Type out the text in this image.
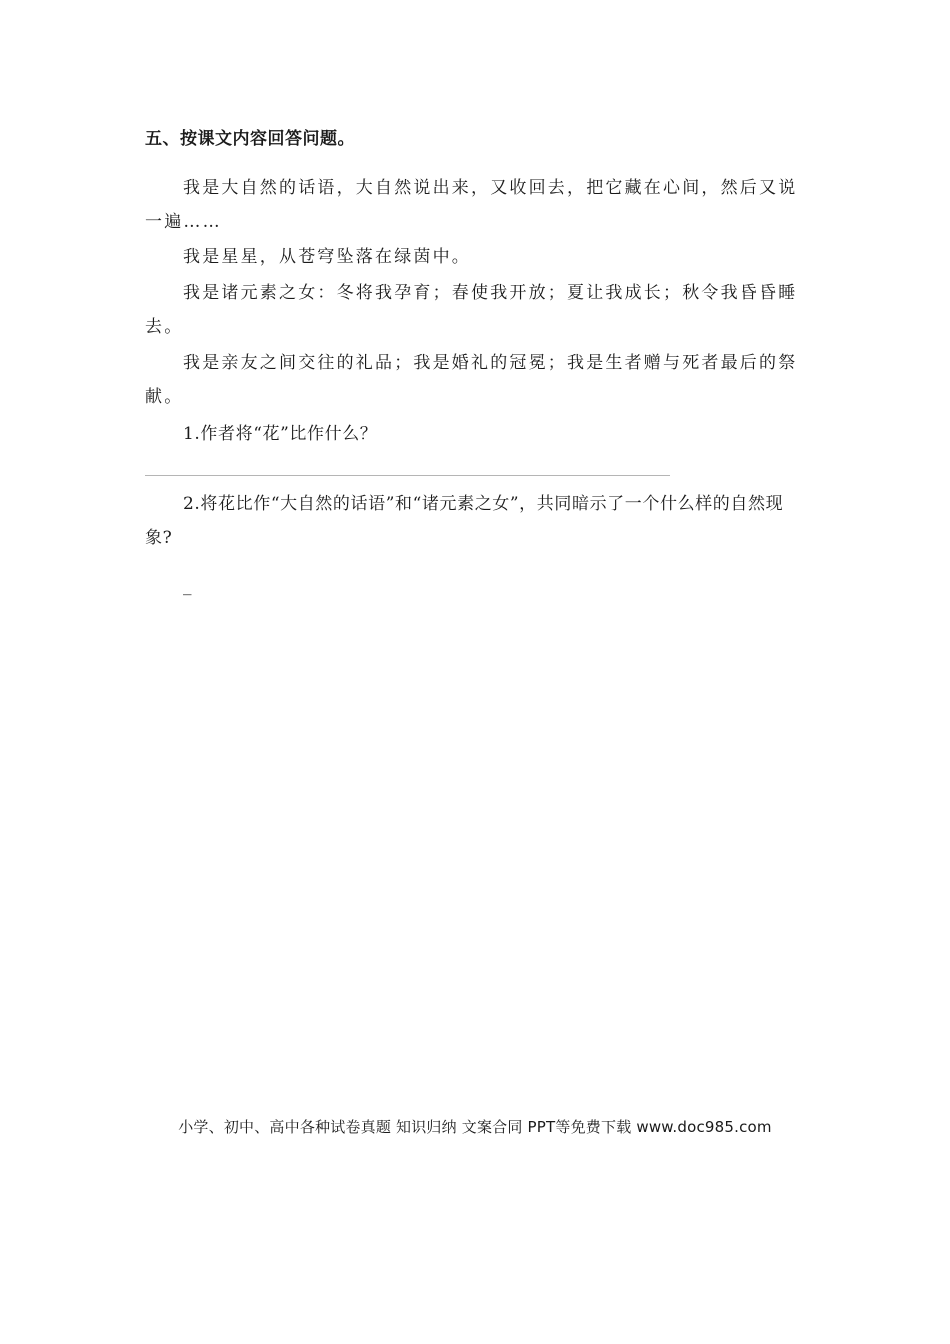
五、按课文内容回答问题。

我是大自然的话语，大自然说出来，又收回去，把它藏在心间，然后又说一遍……

我是星星，从苍穹坠落在绿茵中。

我是诸元素之女：冬将我孕育；春使我开放；夏让我成长；秋令我昏昏睡去。

我是亲友之间交往的礼品；我是婚礼的冠冕；我是生者赠与死者最后的祭献。

1.作者将“花”比作什么？

2.将花比作“大自然的话语”和“诸元素之女”，共同暗示了一个什么样的自然现象?

_
小学、初中、高中各种试卷真题 知识归纳 文案合同 PPT等免费下载 www.doc985.com
